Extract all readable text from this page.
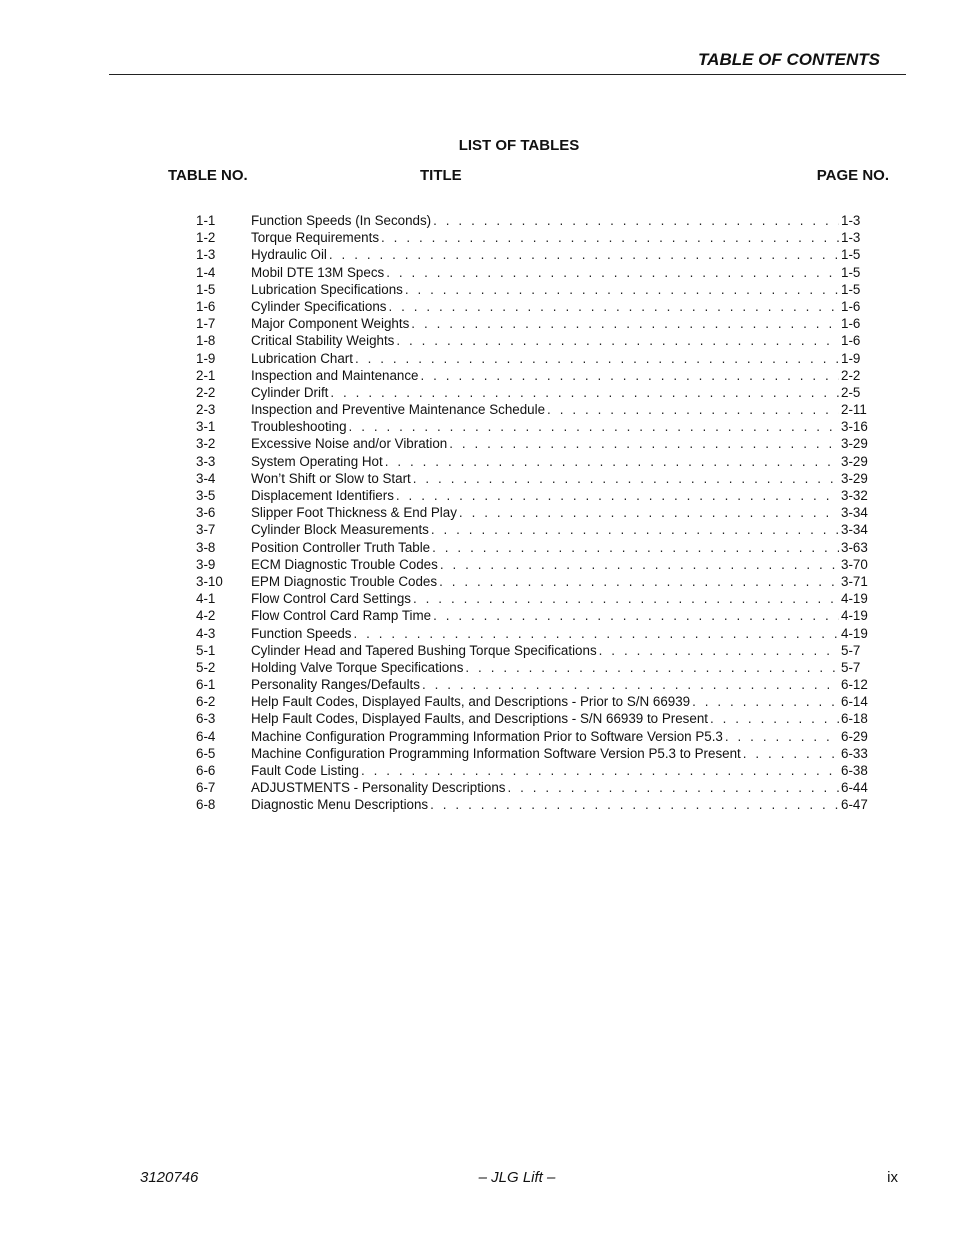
TABLE OF CONTENTS
LIST OF TABLES
TABLE NO.	TITLE	PAGE NO.
1-1	Function Speeds (In Seconds) . . .	1-3
1-2	Torque Requirements . . .	1-3
1-3	Hydraulic Oil . . .	1-5
1-4	Mobil DTE 13M Specs . . .	1-5
1-5	Lubrication Specifications . . .	1-5
1-6	Cylinder Specifications . . .	1-6
1-7	Major Component Weights . . .	1-6
1-8	Critical Stability Weights . . .	1-6
1-9	Lubrication Chart . . .	1-9
2-1	Inspection and Maintenance . . .	2-2
2-2	Cylinder Drift . . .	2-5
2-3	Inspection and Preventive Maintenance Schedule . . .	2-11
3-1	Troubleshooting . . .	3-16
3-2	Excessive Noise and/or Vibration . . .	3-29
3-3	System Operating Hot . . .	3-29
3-4	Won’t Shift or Slow to Start . . .	3-29
3-5	Displacement Identifiers . . .	3-32
3-6	Slipper Foot Thickness & End Play . . .	3-34
3-7	Cylinder Block Measurements . . .	3-34
3-8	Position Controller Truth Table . . .	3-63
3-9	ECM Diagnostic Trouble Codes . . .	3-70
3-10	EPM Diagnostic Trouble Codes . . .	3-71
4-1	Flow Control Card Settings . . .	4-19
4-2	Flow Control Card Ramp Time . . .	4-19
4-3	Function Speeds . . .	4-19
5-1	Cylinder Head and Tapered Bushing Torque Specifications . . .	5-7
5-2	Holding Valve Torque Specifications . . .	5-7
6-1	Personality Ranges/Defaults . . .	6-12
6-2	Help Fault Codes, Displayed Faults, and Descriptions - Prior to S/N 66939 . . .	6-14
6-3	Help Fault Codes, Displayed Faults, and Descriptions - S/N 66939 to Present . . .	6-18
6-4	Machine Configuration Programming Information Prior to Software Version P5.3 . . .	6-29
6-5	Machine Configuration Programming Information Software Version P5.3 to Present . . .	6-33
6-6	Fault Code Listing . . .	6-38
6-7	ADJUSTMENTS - Personality Descriptions . . .	6-44
6-8	Diagnostic Menu Descriptions . . .	6-47
3120746	– JLG Lift –	ix
